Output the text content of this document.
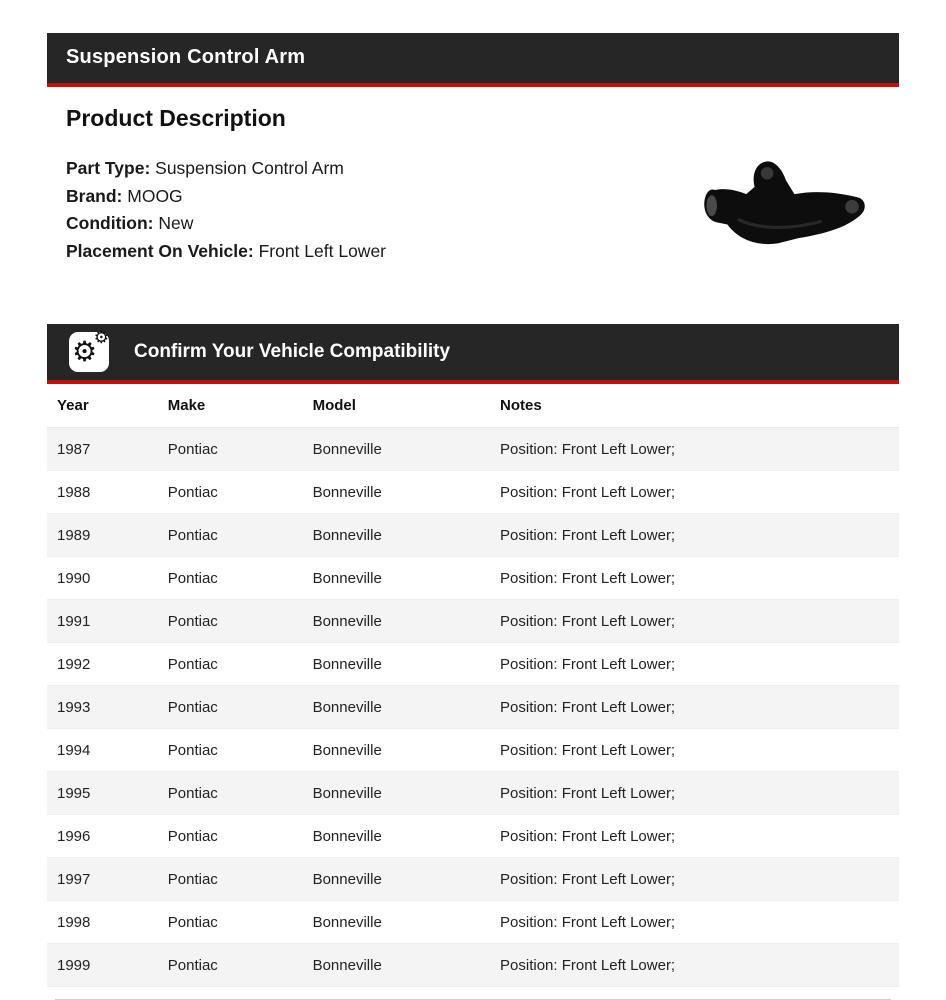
Suspension Control Arm
Product Description
Part Type: Suspension Control Arm
Brand: MOOG
Condition: New
Placement On Vehicle: Front Left Lower
⚙
⚙
Confirm Your Vehicle Compatibility
Year	Make	Model	Notes
1987	Pontiac	Bonneville	Position: Front Left Lower;
1988	Pontiac	Bonneville	Position: Front Left Lower;
1989	Pontiac	Bonneville	Position: Front Left Lower;
1990	Pontiac	Bonneville	Position: Front Left Lower;
1991	Pontiac	Bonneville	Position: Front Left Lower;
1992	Pontiac	Bonneville	Position: Front Left Lower;
1993	Pontiac	Bonneville	Position: Front Left Lower;
1994	Pontiac	Bonneville	Position: Front Left Lower;
1995	Pontiac	Bonneville	Position: Front Left Lower;
1996	Pontiac	Bonneville	Position: Front Left Lower;
1997	Pontiac	Bonneville	Position: Front Left Lower;
1998	Pontiac	Bonneville	Position: Front Left Lower;
1999	Pontiac	Bonneville	Position: Front Left Lower;
